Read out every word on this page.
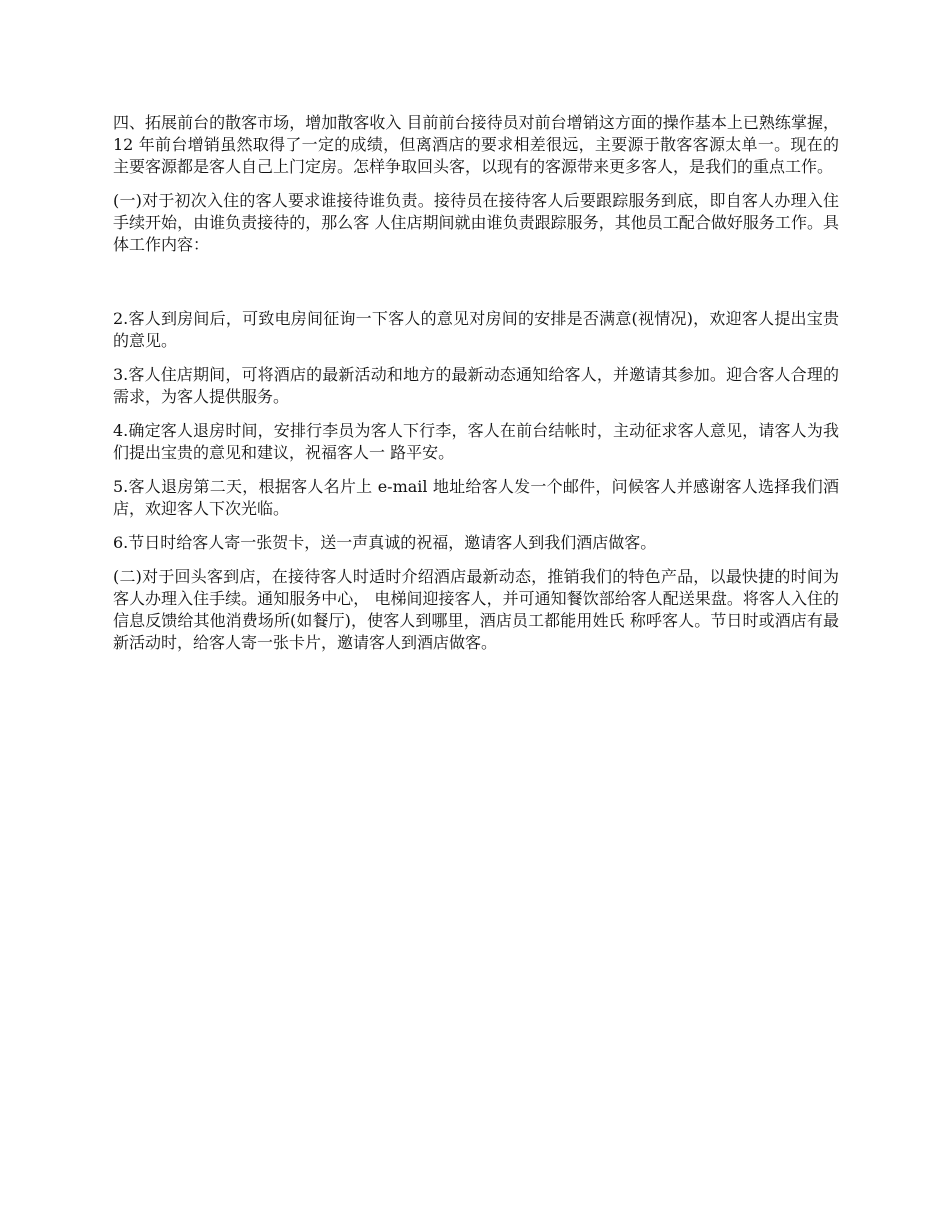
四、拓展前台的散客市场，增加散客收入 目前前台接待员对前台增销这方面的操作基本上已熟练掌握，12 年前台增销虽然取得了一定的成绩，但离酒店的要求相差很远，主要源于散客客源太单一。现在的主要客源都是客人自己上门定房。怎样争取回头客，以现有的客源带来更多客人，是我们的重点工作。

(一)对于初次入住的客人要求谁接待谁负责。接待员在接待客人后要跟踪服务到底，即自客人办理入住手续开始，由谁负责接待的，那么客 人住店期间就由谁负责跟踪服务，其他员工配合做好服务工作。具体工作内容：

2.客人到房间后，可致电房间征询一下客人的意见对房间的安排是否满意(视情况)，欢迎客人提出宝贵的意见。

3.客人住店期间，可将酒店的最新活动和地方的最新动态通知给客人，并邀请其参加。迎合客人合理的需求，为客人提供服务。

4.确定客人退房时间，安排行李员为客人下行李，客人在前台结帐时，主动征求客人意见，请客人为我们提出宝贵的意见和建议，祝福客人一 路平安。

5.客人退房第二天，根据客人名片上 e-mail 地址给客人发一个邮件，问候客人并感谢客人选择我们酒店，欢迎客人下次光临。

6.节日时给客人寄一张贺卡，送一声真诚的祝福，邀请客人到我们酒店做客。

(二)对于回头客到店，在接待客人时适时介绍酒店最新动态，推销我们的特色产品，以最快捷的时间为客人办理入住手续。通知服务中心， 电梯间迎接客人，并可通知餐饮部给客人配送果盘。将客人入住的信息反馈给其他消费场所(如餐厅)，使客人到哪里，酒店员工都能用姓氏 称呼客人。节日时或酒店有最新活动时，给客人寄一张卡片，邀请客人到酒店做客。
